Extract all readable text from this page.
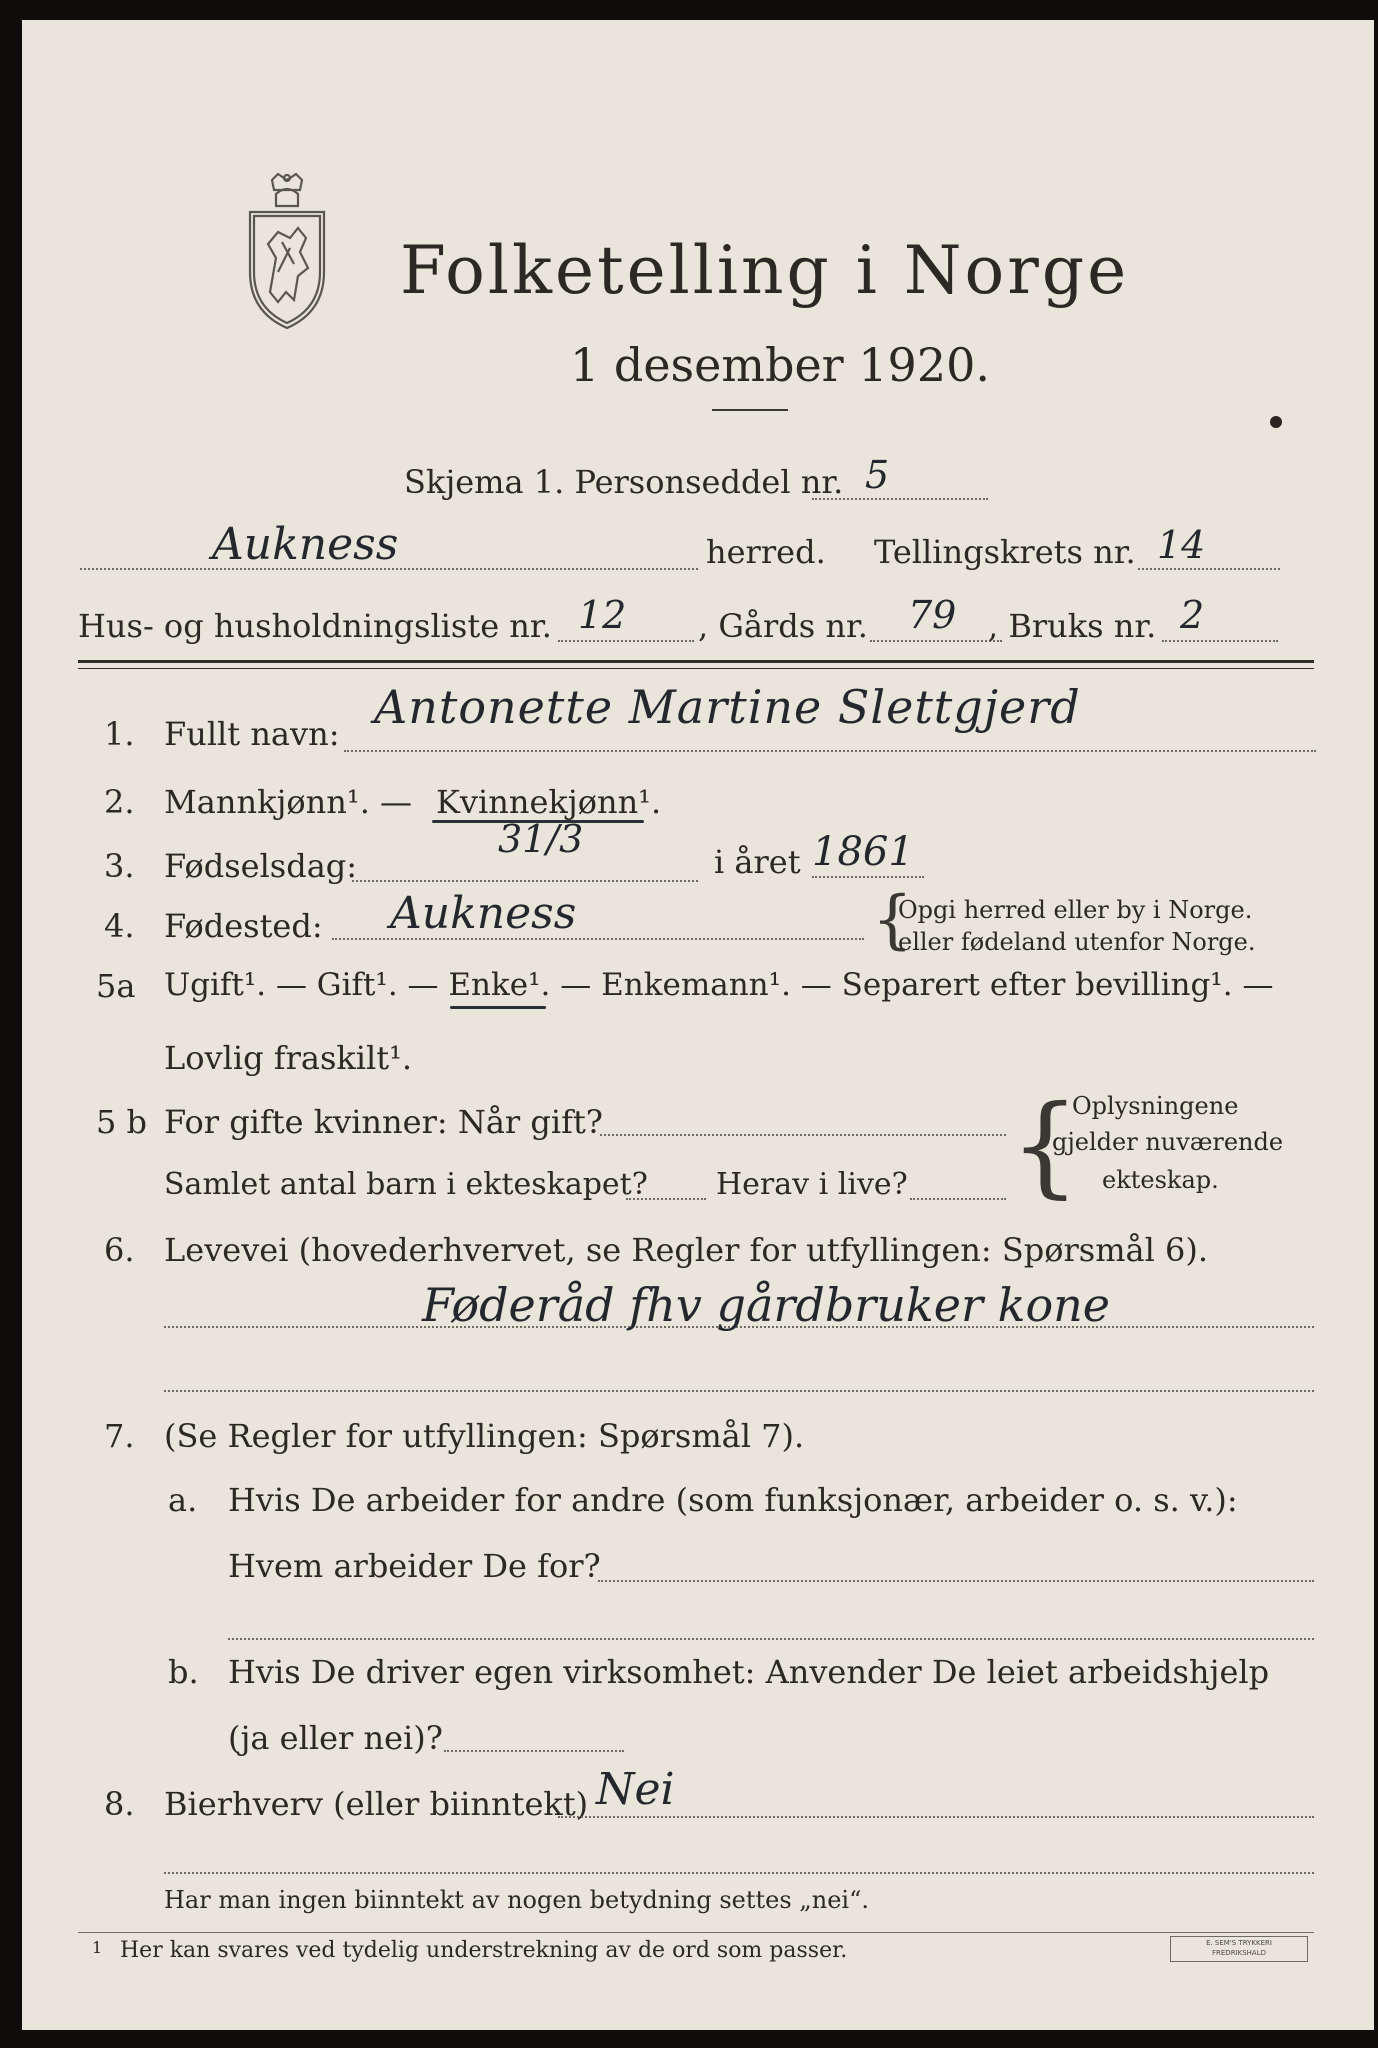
Folketelling i Norge
1 desember 1920.
Skjema 1. Personseddel nr. 5
Aukness	herred. Tellingskrets nr. 14
Hus- og husholdningsliste nr. 12 , Gårds nr. 79 , Bruks nr. 2
1. Fullt navn: Antonette Martine Slettgjerd
2. Mannkjønn¹. — Kvinnekjønn¹.
3. Fødselsdag:
31/3
i året 1861
4. Fødested: Aukness	{
Opgi herred eller by i Norge.
eller fødeland utenfor Norge.
5a Ugift¹. — Gift¹. — Enke¹. — Enkemann¹. — Separert efter bevilling¹. —
Lovlig fraskilt¹.
5 b For gifte kvinner: Når gift?
Samlet antal barn i ekteskapet? Herav i live? {
Oplysningene
gjelder nuværende
ekteskap.
6. Levevei (hovederhvervet, se Regler for utfyllingen: Spørsmål 6).
Føderåd fhv gårdbruker kone
7. (Se Regler for utfyllingen: Spørsmål 7).
a. Hvis De arbeider for andre (som funksjonær, arbeider o. s. v.):
Hvem arbeider De for?
b. Hvis De driver egen virksomhet: Anvender De leiet arbeidshjelp
(ja eller nei)?
8. Bierhverv (eller biinntekt) Nei
Har man ingen biinntekt av nogen betydning settes „nei“.
1 Her kan svares ved tydelig understrekning av de ord som passer.	E. SEM'S TRYKKERI
FREDRIKSHALD
